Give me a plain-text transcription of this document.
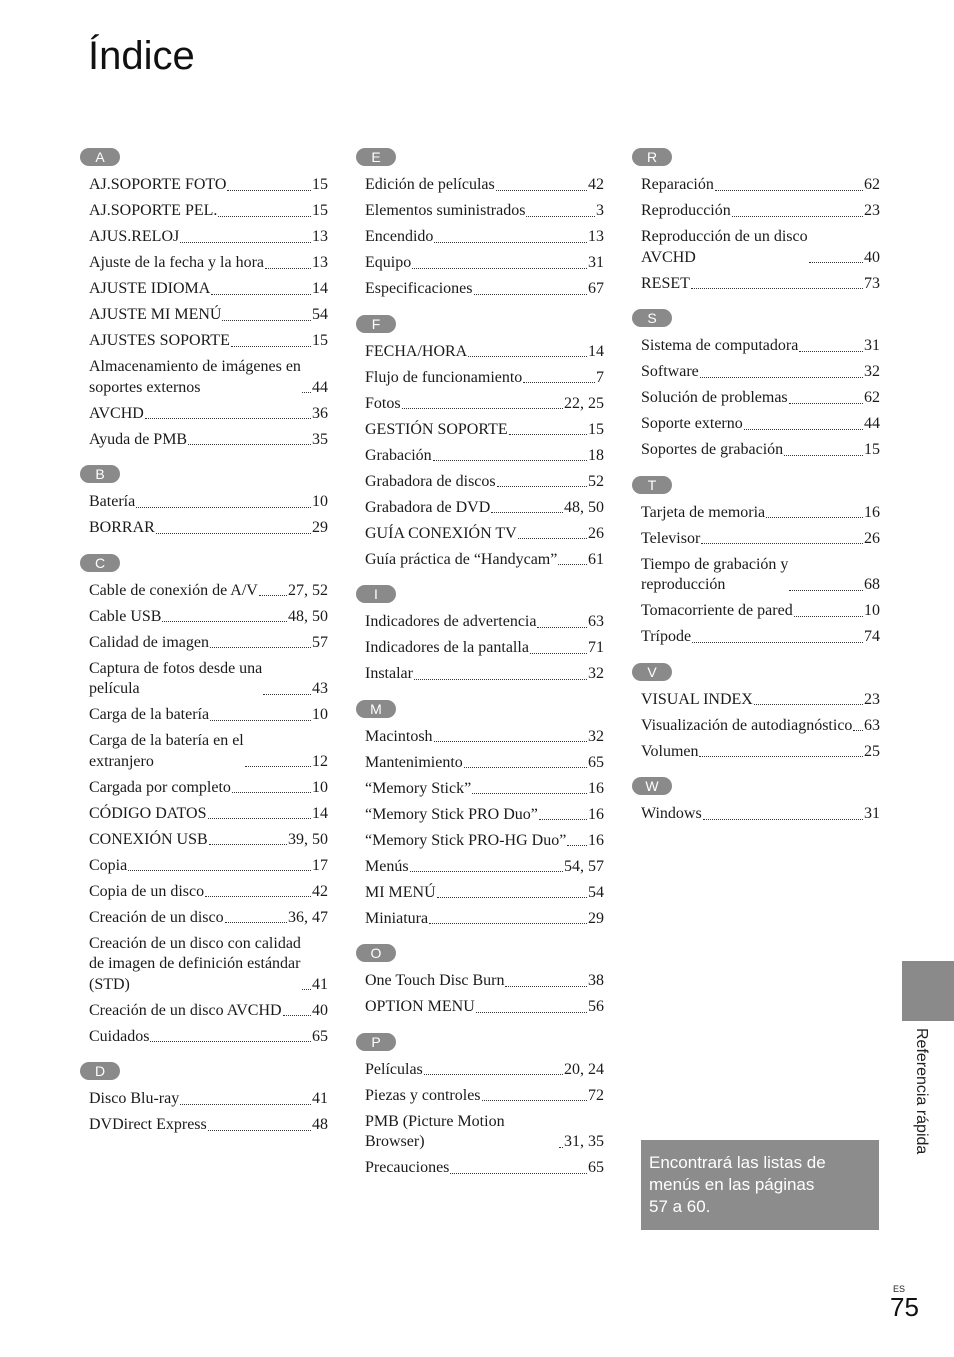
Índice
A
AJ.SOPORTE FOTO	15
AJ.SOPORTE PEL.	15
AJUS.RELOJ	13
Ajuste de la fecha y la hora	13
AJUSTE IDIOMA	14
AJUSTE MI MENÚ	54
AJUSTES SOPORTE	15
Almacenamiento de imágenes en
soportes externos	44
AVCHD	36
Ayuda de PMB	35
B
Batería	10
BORRAR	29
C
Cable de conexión de A/V 27, 52
Cable USB	48, 50
Calidad de imagen	57
Captura de fotos desde una
película	43
Carga de la batería	10
Carga de la batería en el
extranjero	12
Cargada por completo	10
CÓDIGO DATOS	14
CONEXIÓN USB	39, 50
Copia	17
Copia de un disco	42
Creación de un disco	36, 47
Creación de un disco con calidad
de imagen de definición estándar
(STD)	41
Creación de un disco AVCHD 40
Cuidados	65
D
Disco Blu-ray	41
DVDirect Express	48
E
Edición de películas	42
Elementos suministrados	3
Encendido	13
Equipo	31
Especificaciones	67
F
FECHA/HORA	14
Flujo de funcionamiento	7
Fotos	22, 25
GESTIÓN SOPORTE	15
Grabación	18
Grabadora de discos	52
Grabadora de DVD	48, 50
GUÍA CONEXIÓN TV	26
Guía práctica de “Handycam” 61
I
Indicadores de advertencia	63
Indicadores de la pantalla	71
Instalar	32
M
Macintosh	32
Mantenimiento	65
“Memory Stick”	16
“Memory Stick PRO Duo”	16
“Memory Stick PRO-HG Duo” 16
Menús	54, 57
MI MENÚ	54
Miniatura	29
O
One Touch Disc Burn	38
OPTION MENU	56
P
Películas	20, 24
Piezas y controles	72
PMB (Picture Motion Browser)	31, 35
Precauciones	65
R
Reparación	62
Reproducción	23
Reproducción de un disco
AVCHD	40
RESET	73
S
Sistema de computadora	31
Software	32
Solución de problemas	62
Soporte externo	44
Soportes de grabación	15
T
Tarjeta de memoria	16
Televisor	26
Tiempo de grabación y
reproducción	68
Tomacorriente de pared	10
Trípode	74
V
VISUAL INDEX	23
Visualización de autodiagnóstico 63
Volumen	25
W
Windows	31
Referencia rápida
Encontrará las listas de
menús en las páginas
57 a 60.
ES
75
